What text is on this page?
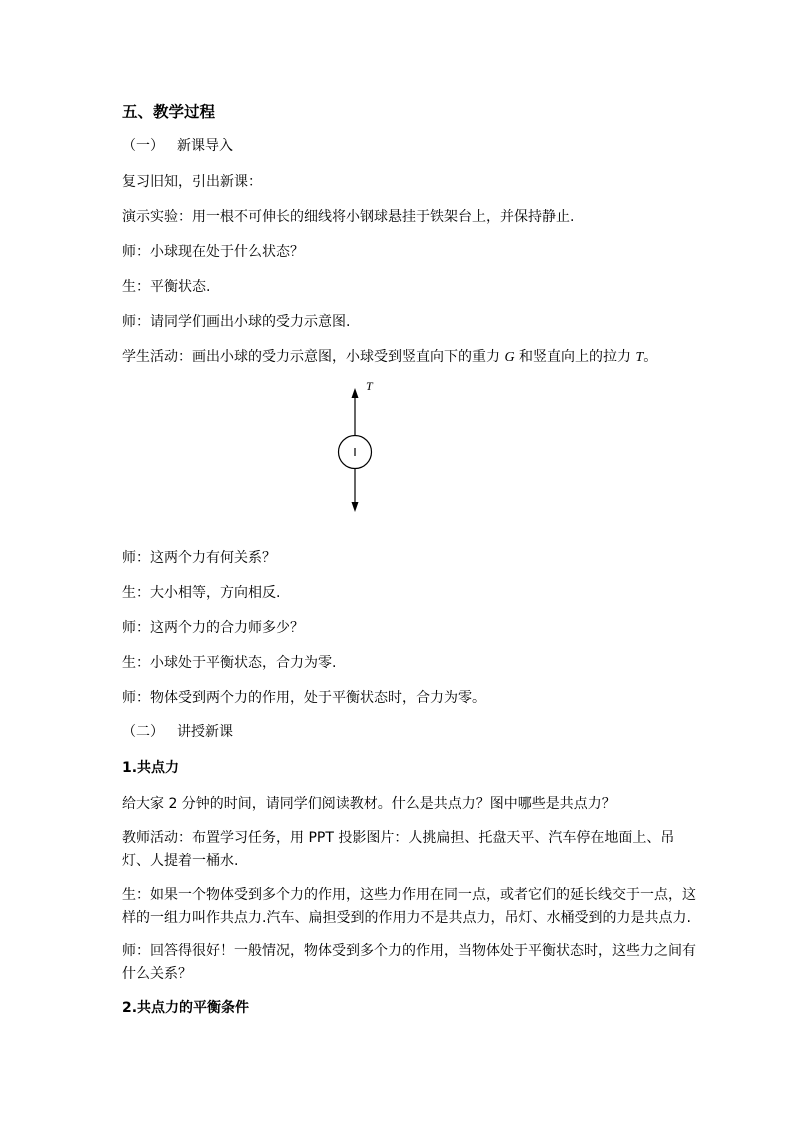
五、教学过程
（一） 新课导入
复习旧知，引出新课：
演示实验：用一根不可伸长的细线将小钢球悬挂于铁架台上，并保持静止.
师：小球现在处于什么状态？
生：平衡状态.
师：请同学们画出小球的受力示意图.
学生活动：画出小球的受力示意图，小球受到竖直向下的重力 G 和竖直向上的拉力 T。
T
师：这两个力有何关系？
生：大小相等，方向相反.
师：这两个力的合力师多少？
生：小球处于平衡状态，合力为零.
师：物体受到两个力的作用，处于平衡状态时，合力为零。
（二） 讲授新课
1.共点力
给大家 2 分钟的时间，请同学们阅读教材。什么是共点力？图中哪些是共点力？
教师活动：布置学习任务，用 PPT 投影图片：人挑扁担、托盘天平、汽车停在地面上、吊灯、人提着一桶水.
生：如果一个物体受到多个力的作用，这些力作用在同一点，或者它们的延长线交于一点，这样的一组力叫作共点力.汽车、扁担受到的作用力不是共点力，吊灯、水桶受到的力是共点力.
师：回答得很好！一般情况，物体受到多个力的作用，当物体处于平衡状态时，这些力之间有什么关系？
2.共点力的平衡条件
